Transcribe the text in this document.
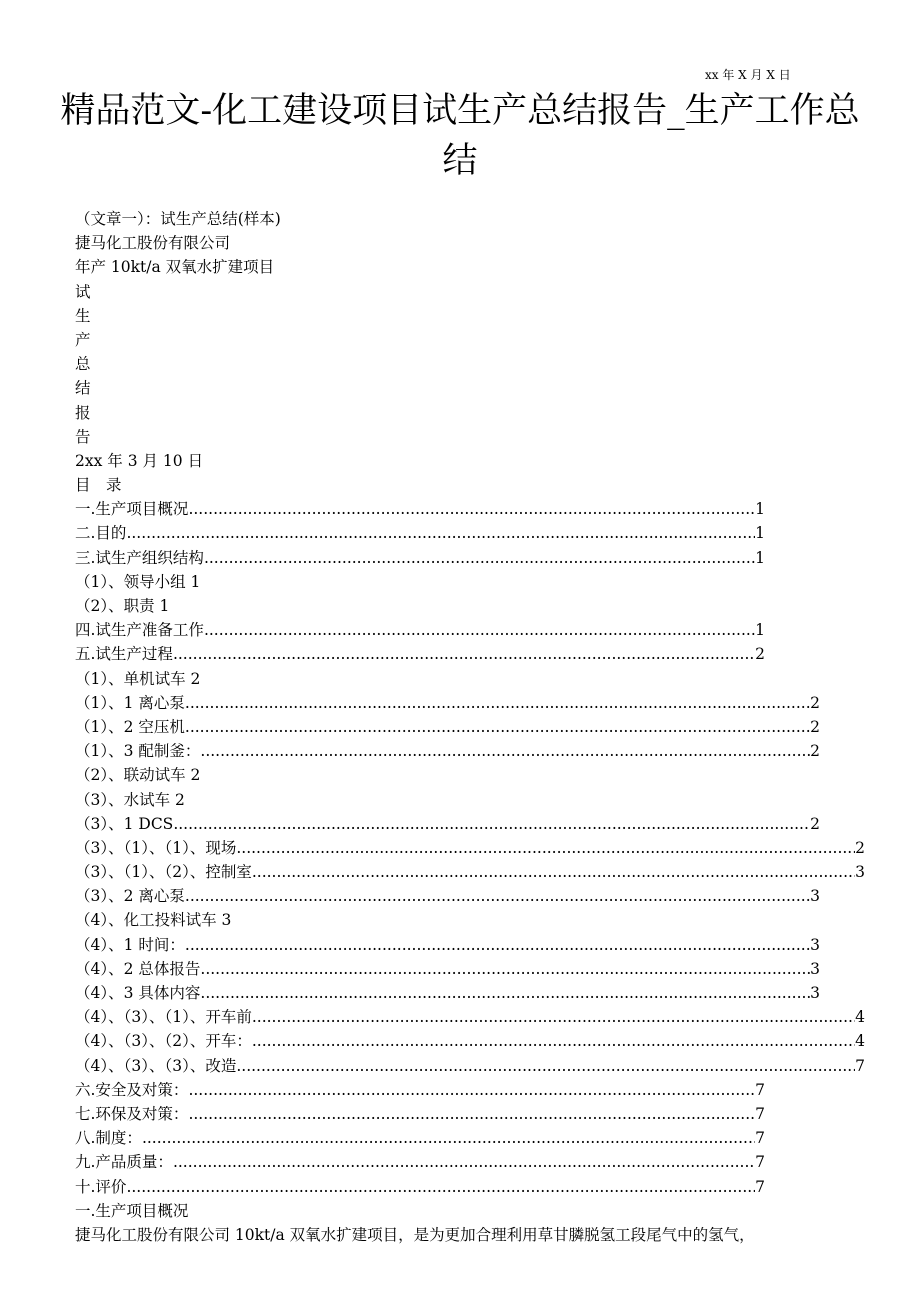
xx 年 X 月 X 日
精品范文-化工建设项目试生产总结报告_生产工作总结
（文章一）：试生产总结(样本)
捷马化工股份有限公司
年产 10kt/a 双氧水扩建项目
试
生
产
总
结
报
告
2xx 年 3 月 10 日
目　录
一.生产项目概况 .....	1
二.目的 .....	1
三.试生产组织结构 .....	1
（1）、领导小组 1
（2）、职责 1
四.试生产准备工作 .....	1
五.试生产过程 .....	2
（1）、单机试车 2
（1）、1 离心泵 .....	2
（1）、2 空压机 .....	2
（1）、3 配制釜： .....	2
（2）、联动试车 2
（3）、水试车 2
（3）、1 DCS .....	2
（3）、（1）、（1）、现场 .....	2
（3）、（1）、（2）、控制室 .....	3
（3）、2 离心泵 .....	3
（4）、化工投料试车 3
（4）、1 时间： .....	3
（4）、2 总体报告 .....	3
（4）、3 具体内容 .....	3
（4）、（3）、（1）、开车前 .....	4
（4）、（3）、（2）、开车： .....	4
（4）、（3）、（3）、改造 .....	7
六.安全及对策： .....	7
七.环保及对策： .....	7
八.制度： .....	7
九.产品质量： .....	7
十.评价 .....	7
一.生产项目概况
捷马化工股份有限公司 10kt/a 双氧水扩建项目，是为更加合理利用草甘膦脱氢工段尾气中的氢气，
